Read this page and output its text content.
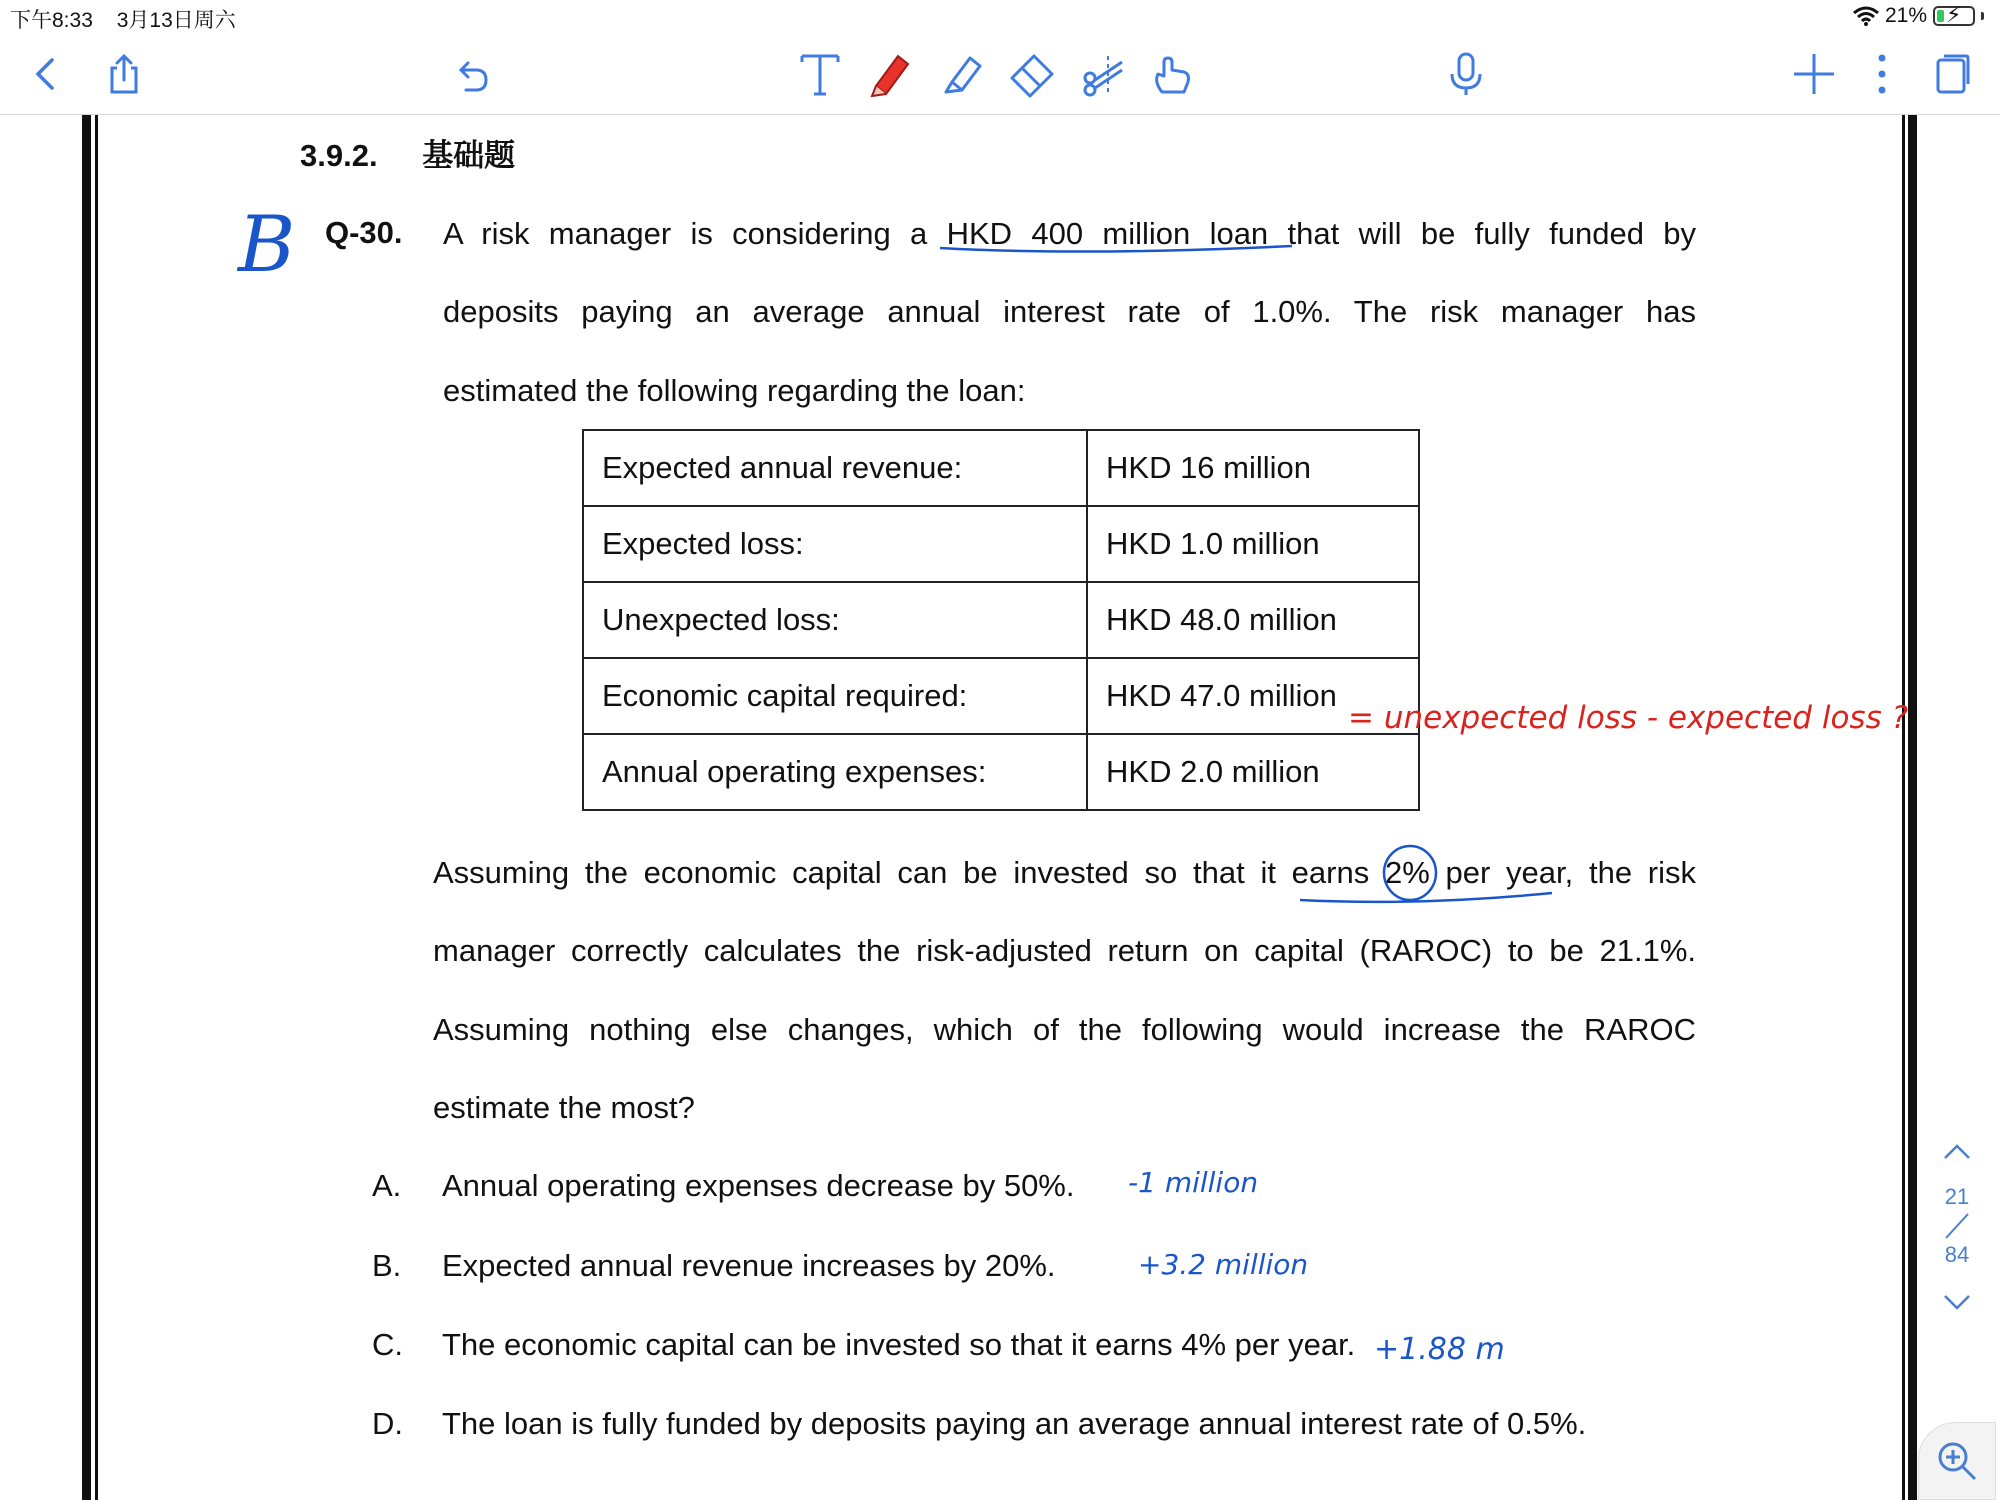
下午8:33 3月13日周六	21% ⚡
3.9.2. 基础题
Q-30. A risk manager is considering a HKD 400 million loan that will be fully funded by
deposits paying an average annual interest rate of 1.0%. The risk manager has
estimated the following regarding the loan:
Expected annual revenue:	HKD 16 million
Expected loss:	HKD 1.0 million
Unexpected loss:	HKD 48.0 million
Economic capital required:	HKD 47.0 million
Annual operating expenses:	HKD 2.0 million
Assuming the economic capital can be invested so that it earns 2% per year, the risk
manager correctly calculates the risk-adjusted return on capital (RAROC) to be 21.1%.
Assuming nothing else changes, which of the following would increase the RAROC
estimate the most?
A. Annual operating expenses decrease by 50%.
B. Expected annual revenue increases by 20%.
C. The economic capital can be invested so that it earns 4% per year.
D. The loan is fully funded by deposits paying an average annual interest rate of 0.5%.
B
= unexpected loss - expected loss ?
-1 million
+3.2 million
+1.88 m
21
84
